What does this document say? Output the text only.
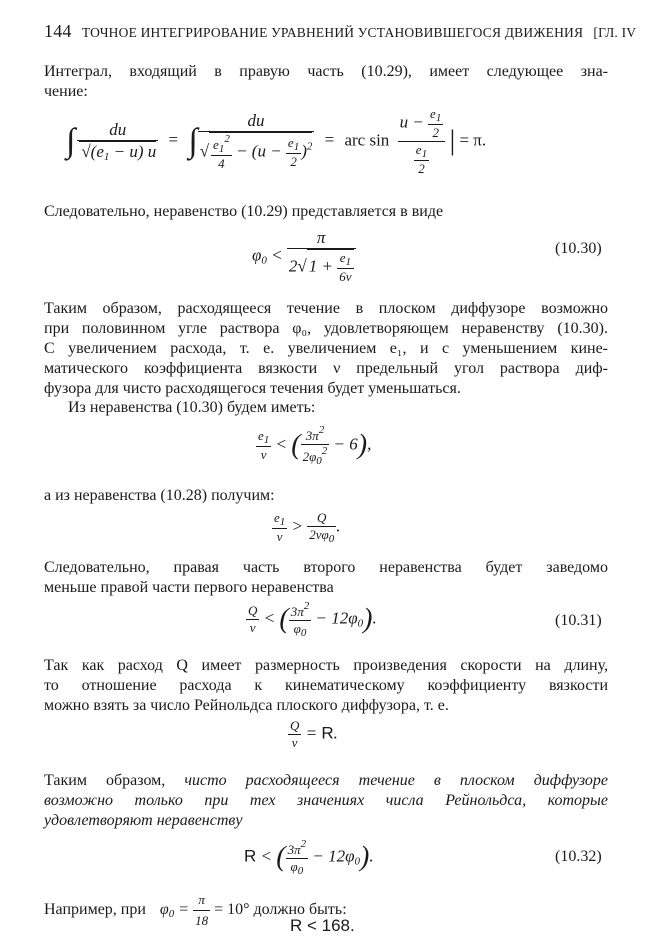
144 ТОЧНОЕ ИНТЕГРИРОВАНИЕ УРАВНЕНИЙ УСТАНОВИВШЕГОСЯ ДВИЖЕНИЯ [ГЛ. IV
Интеграл, входящий в правую часть (10.29), имеет следующее зна-
чение:
∫ $\frac{du}{√(e_1 - u) u}$ = ∫ $\frac{du}{√ \frac{e_1^2}{4} - (u - \frac{e_1}{2} )^2}$ = arc $\sin \frac{u - \frac{e_1}{2}}{\frac{e_1}{2}}$ | = π.
Следовательно, неравенство (10.29) представляется в виде
$\varphi_0 < \frac{\pi}{2√ 1 + \frac{e_1}{6\nu}}$	(10.30)
Таким образом, расходящееся течение в плоском диффузоре возможно
при половинном угле раствора φ₀, удовлетворяющем неравенству (10.30).
С увеличением расхода, т. е. увеличением e₁, и с уменьшением кине-
матического коэффициента вязкости ν предельный угол раствора диф-
фузора для чисто расходящегося течения будет уменьшаться.
Из неравенства (10.30) будем иметь:
$\frac{e_1}{\nu}$ < ( $\frac{3\pi^2}{2\varphi_0^2} - 6$),
а из неравенства (10.28) получим:
$\frac{e_1}{\nu} > \frac{Q}{2\nu\varphi_0}$ .
Следовательно, правая часть второго неравенства будет заведомо
меньше правой части первого неравенства
$\frac{Q}{\nu}$ < ( $\frac{3\pi^2}{\varphi_0} - 12\varphi_0$).	(10.31)
Так как расход Q имеет размерность произведения скорости на длину,
то отношение расхода к кинематическому коэффициенту вязкости
можно взять за число Рейнольдса плоского диффузора, т. е.
$\frac{Q}{\nu} = R$.
Таким образом, чисто расходящееся течение в плоском диффузоре
возможно только при тех значениях числа Рейнольдса, которые
удовлетворяют неравенству
R < ( $\frac{3\pi^2}{\varphi_0} - 12\varphi_0$).	(10.32)
Например, при $\varphi_0 = \frac{\pi}{18} = 10^\circ$ должно быть:
R < 168.
